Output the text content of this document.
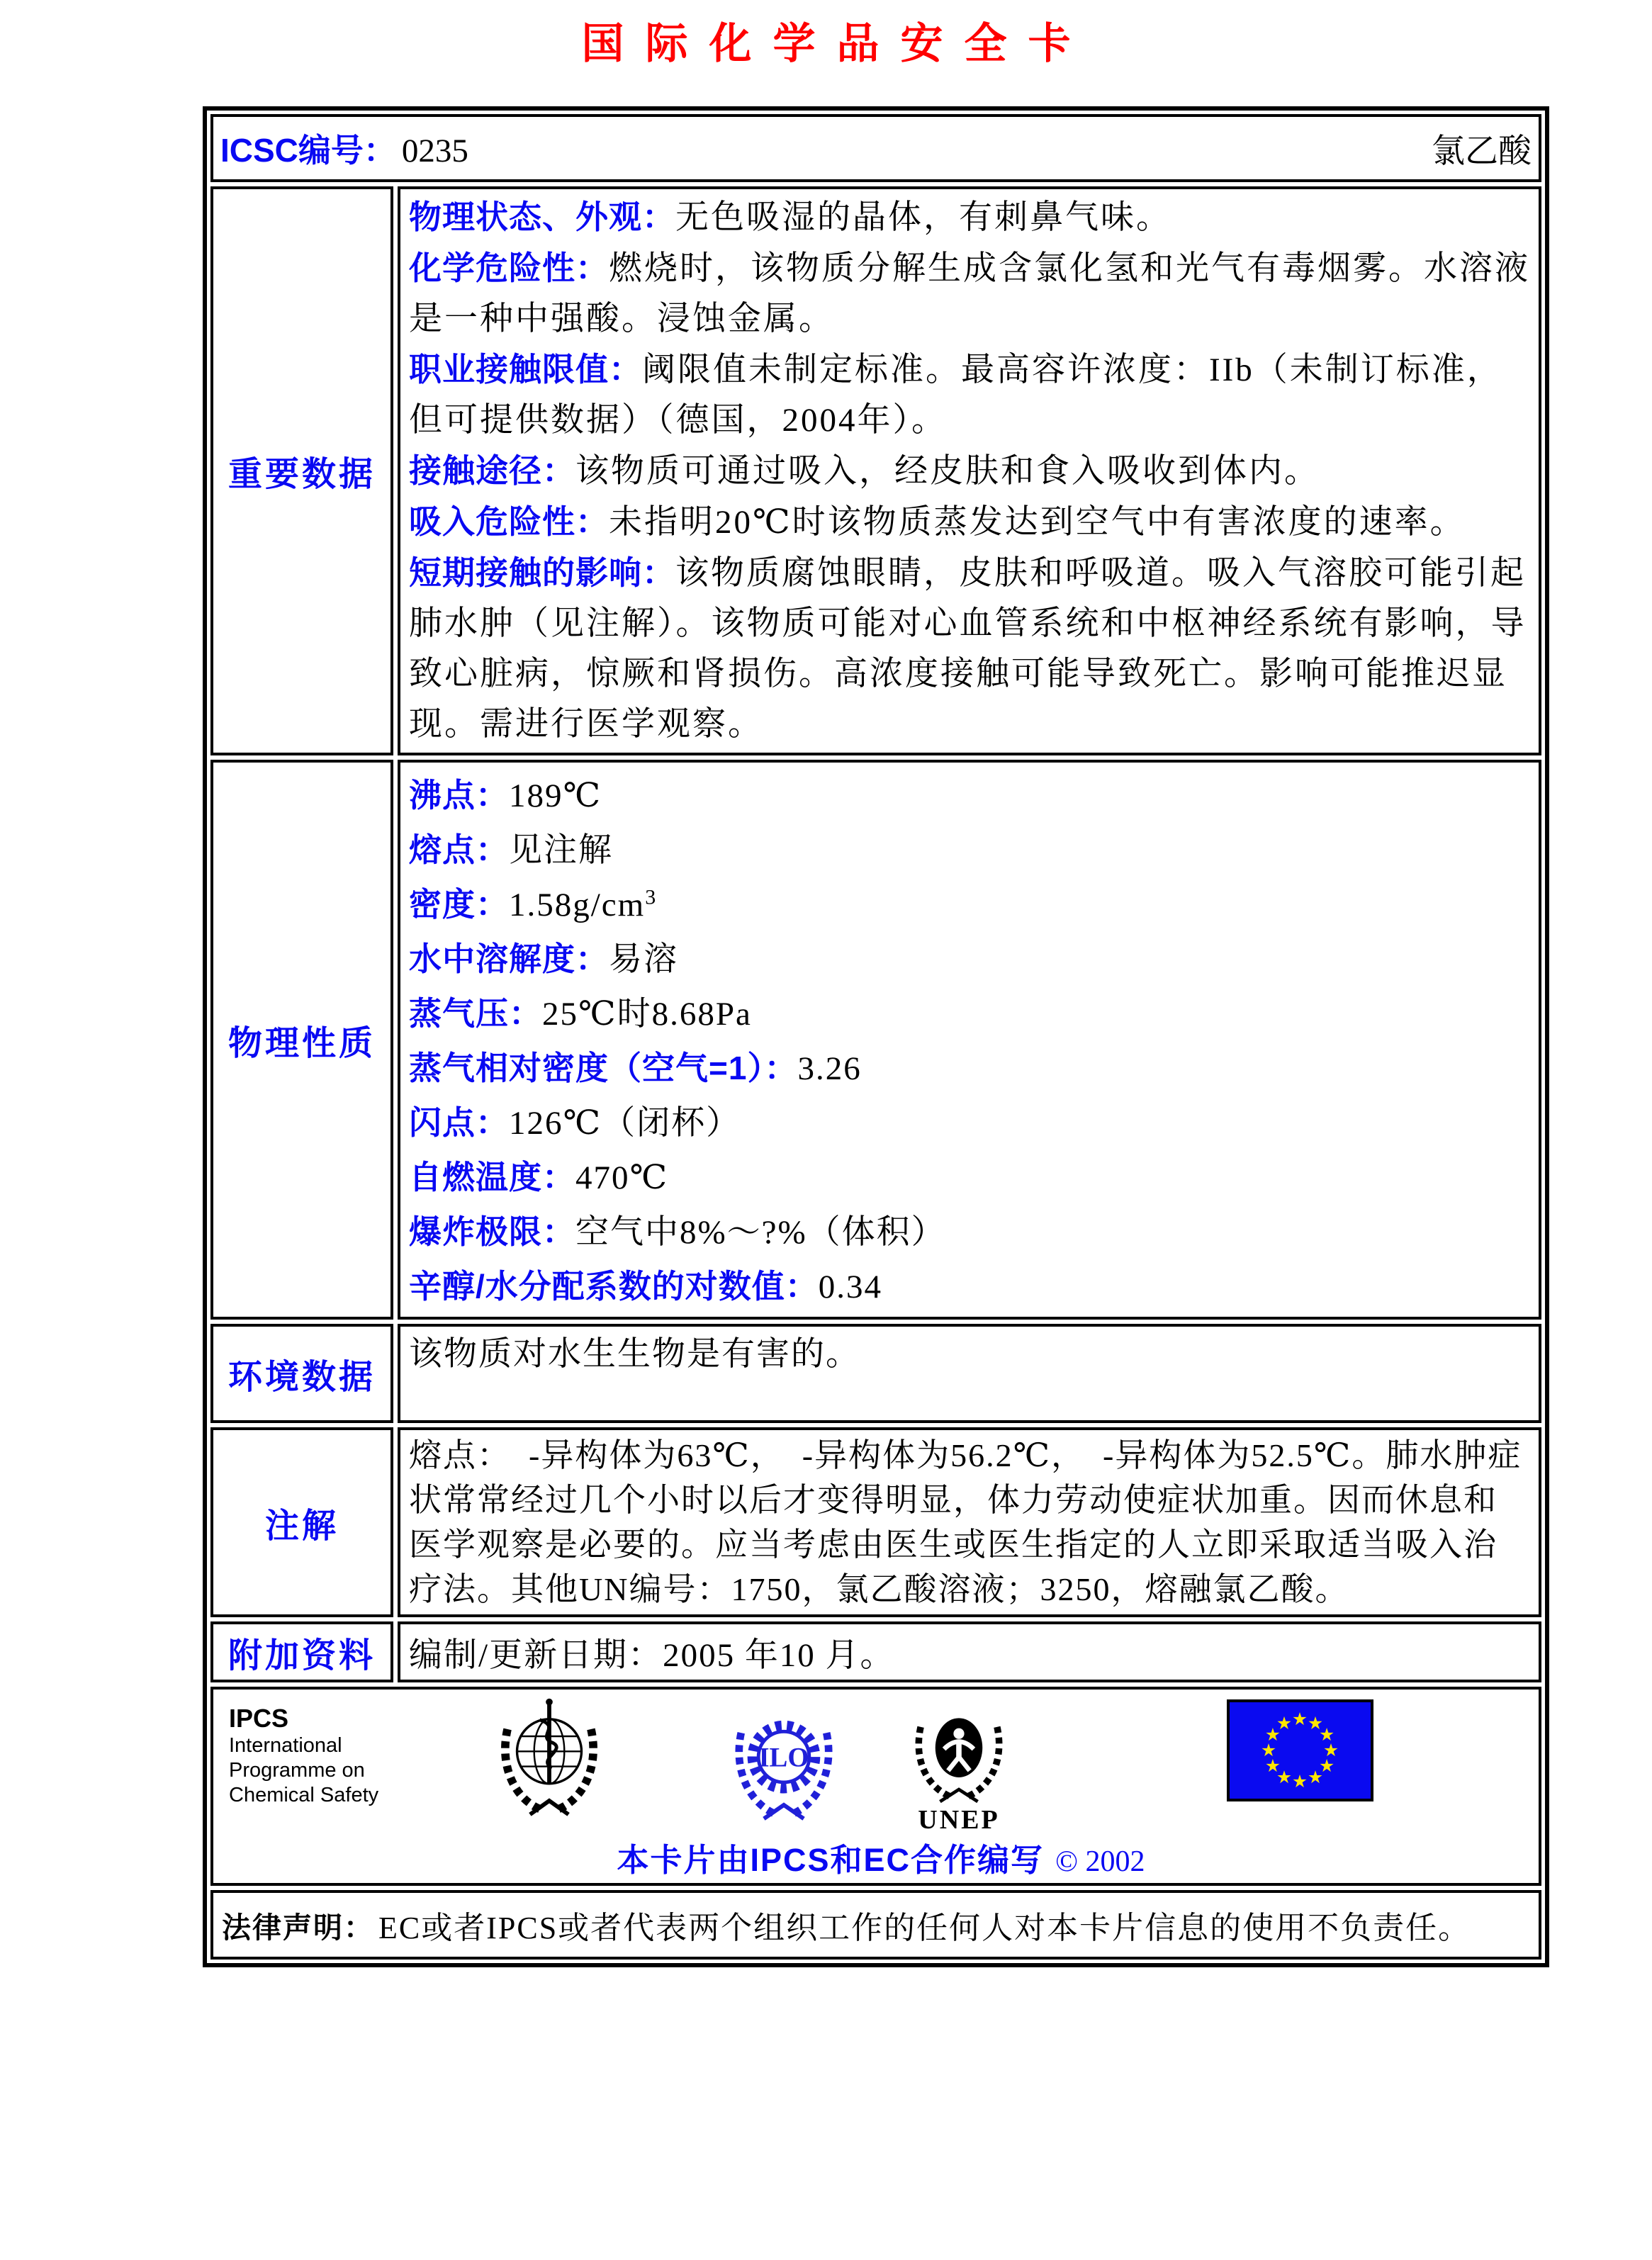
国际化学品安全卡
ICSC编号： 0235	氯乙酸
重要数据

物理状态、外观：无色吸湿的晶体，有刺鼻气味。

化学危险性：燃烧时，该物质分解生成含氯化氢和光气有毒烟雾。水溶液是一种中强酸。浸蚀金属。

职业接触限值：阈限值未制定标准。最高容许浓度：IIb（未制订标准，但可提供数据）（德国，2004年）。

接触途径：该物质可通过吸入，经皮肤和食入吸收到体内。

吸入危险性：未指明20℃时该物质蒸发达到空气中有害浓度的速率。

短期接触的影响：该物质腐蚀眼睛，皮肤和呼吸道。吸入气溶胶可能引起肺水肿（见注解）。该物质可能对心血管系统和中枢神经系统有影响，导致心脏病，惊厥和肾损伤。高浓度接触可能导致死亡。影响可能推迟显现。需进行医学观察。

物理性质

沸点：189℃

熔点：见注解

密度：$1.58g/cm^3$

水中溶解度：易溶

蒸气压：25℃时8.68Pa

蒸气相对密度（空气=1）：3.26

闪点：126℃（闭杯）

自燃温度：470℃

爆炸极限：空气中8%～?%（体积）

辛醇/水分配系数的对数值：0.34

环境数据

该物质对水生生物是有害的。

注解

熔点：　-异构体为63℃，　-异构体为56.2℃，　-异构体为52.5℃。肺水肿症状常常经过几个小时以后才变得明显，体力劳动使症状加重。因而休息和医学观察是必要的。应当考虑由医生或医生指定的人立即采取适当吸入治疗法。其他UN编号：1750，氯乙酸溶液；3250，熔融氯乙酸。

附加资料 编制/更新日期：2005 年10 月。

IPCS
International
Programme on
Chemical Safety
ILO
UNEP
本卡片由IPCS和EC合作编写 © 2002
法律声明： EC或者IPCS或者代表两个组织工作的任何人对本卡片信息的使用不负责任。
